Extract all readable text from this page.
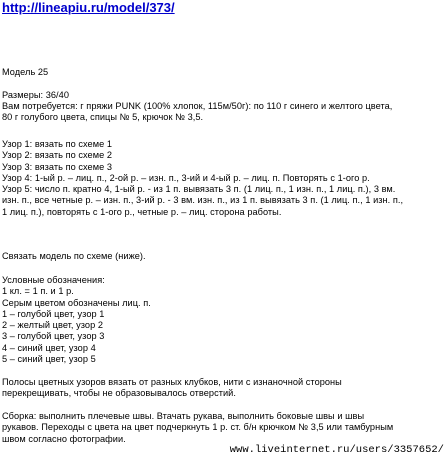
http://lineapiu.ru/model/373/
Модель 25
Размеры: 36/40
Вам потребуется: г пряжи PUNK (100% хлопок, 115м/50г): по 110 г синего и желтого цвета,
80 г голубого цвета, спицы № 5, крючок № 3,5.
Узор 1: вязать по схеме 1
Узор 2: вязать по схеме 2
Узор 3: вязать по схеме 3
Узор 4: 1-ый р. – лиц. п., 2-ой р. – изн. п., 3-ий и 4-ый р. – лиц. п. Повторять с 1-ого р.
Узор 5: число п. кратно 4, 1-ый р. - из 1 п. вывязать 3 п. (1 лиц. п., 1 изн. п., 1 лиц. п.), 3 вм.
изн. п., все четные р. – изн. п., 3-ий р. - 3 вм. изн. п., из 1 п. вывязать 3 п. (1 лиц. п., 1 изн. п.,
1 лиц. п.), повторять с 1-ого р., четные р. – лиц. сторона работы.
Связать модель по схеме (ниже).
Условные обозначения:
1 кл. = 1 п. и 1 р.
Серым цветом обозначены лиц. п.
1 – голубой цвет, узор 1
2 – желтый цвет, узор 2
3 – голубой цвет, узор 3
4 – синий цвет, узор 4
5 – синий цвет, узор 5
Полосы цветных узоров вязать от разных клубков, нити с изнаночной стороны
перекрещивать, чтобы не образовывалось отверстий.
Сборка: выполнить плечевые швы. Втачать рукава, выполнить боковые швы и швы
рукавов. Переходы с цвета на цвет подчеркнуть 1 р. ст. б/н крючком № 3,5 или тамбурным
швом согласно фотографии.
www.liveinternet.ru/users/3357652/
